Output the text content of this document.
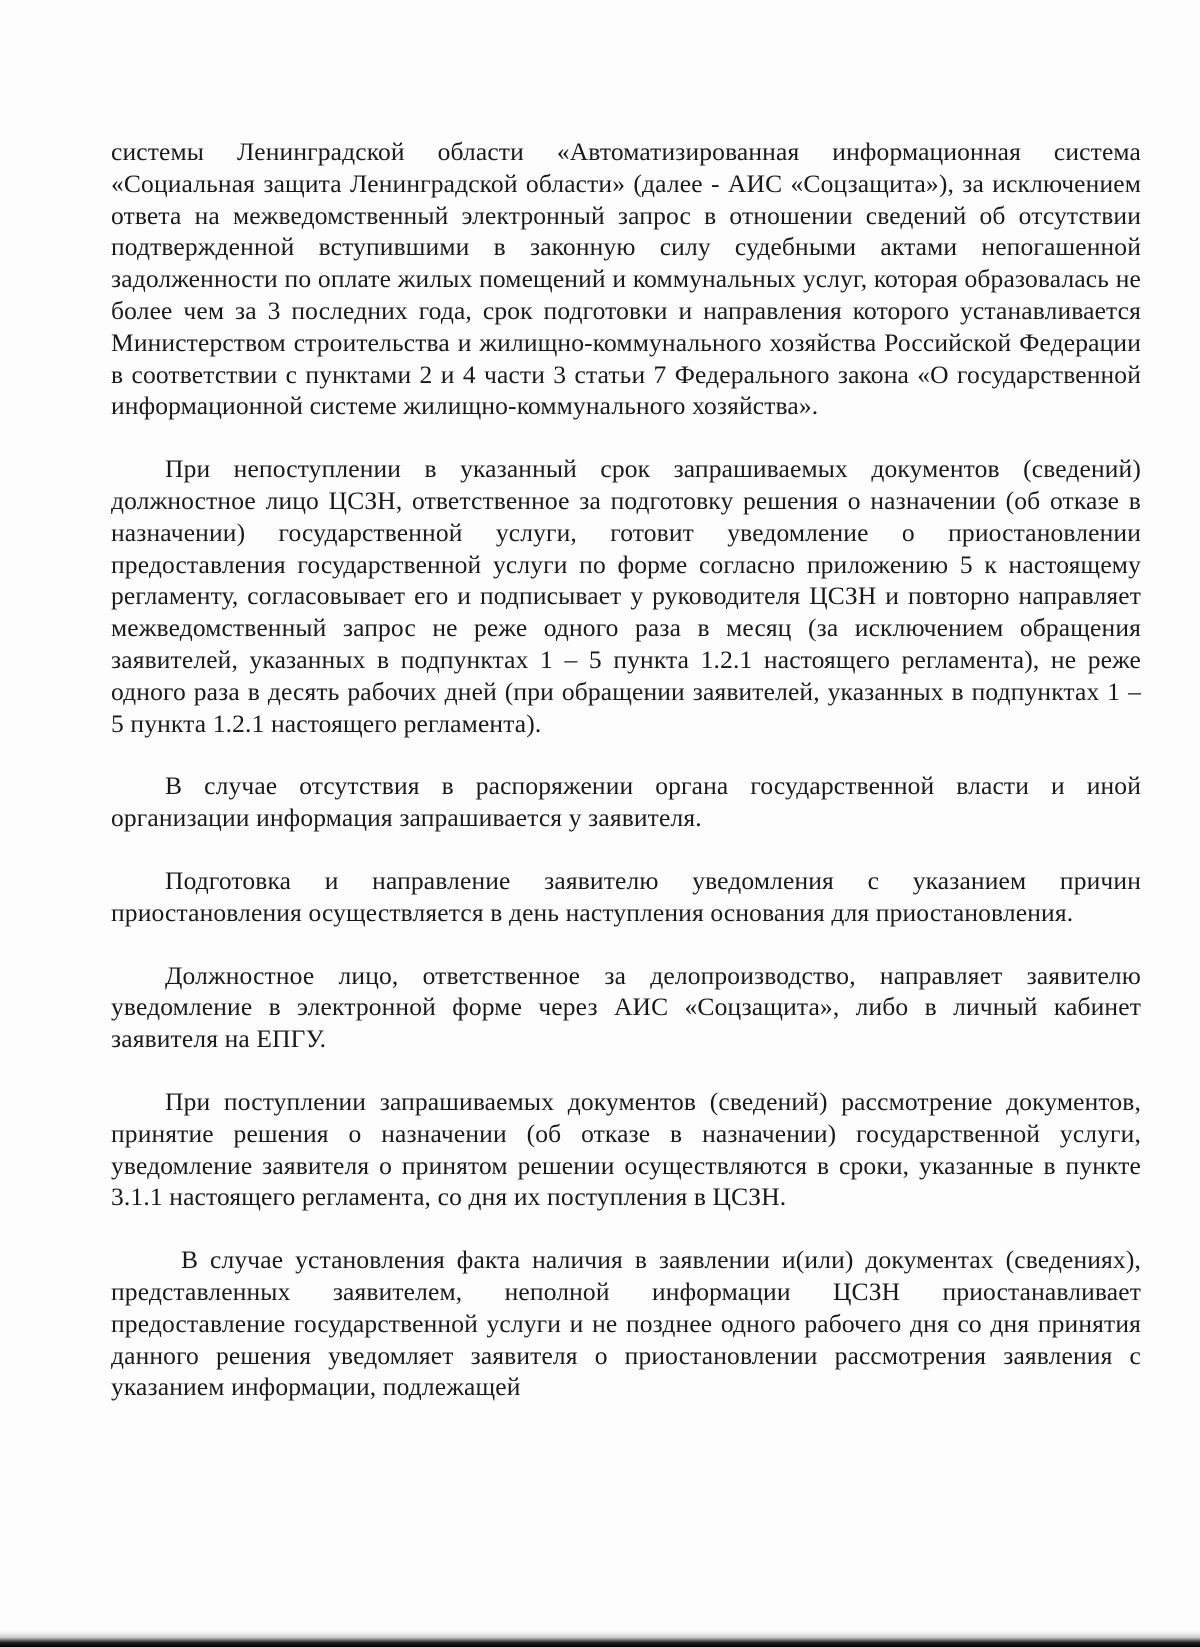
системы Ленинградской области «Автоматизированная информационная система «Социальная защита Ленинградской области» (далее - АИС «Соцзащита»), за исключением ответа на межведомственный электронный запрос в отношении сведений об отсутствии подтвержденной вступившими в законную силу судебными актами непогашенной задолженности по оплате жилых помещений и коммунальных услуг, которая образовалась не более чем за 3 последних года, срок подготовки и направления которого устанавливается Министерством строительства и жилищно-коммунального хозяйства Российской Федерации в соответствии с пунктами 2 и 4 части 3 статьи 7 Федерального закона «О государственной информационной системе жилищно-коммунального хозяйства».

При непоступлении в указанный срок запрашиваемых документов (сведений) должностное лицо ЦСЗН, ответственное за подготовку решения о назначении (об отказе в назначении) государственной услуги, готовит уведомление о приостановлении предоставления государственной услуги по форме согласно приложению 5 к настоящему регламенту, согласовывает его и подписывает у руководителя ЦСЗН и повторно направляет межведомственный запрос не реже одного раза в месяц (за исключением обращения заявителей, указанных в подпунктах 1 – 5 пункта 1.2.1 настоящего регламента), не реже одного раза в десять рабочих дней (при обращении заявителей, указанных в подпунктах 1 – 5 пункта 1.2.1 настоящего регламента).

В случае отсутствия в распоряжении органа государственной власти и иной организации информация запрашивается у заявителя.

Подготовка и направление заявителю уведомления с указанием причин приостановления осуществляется в день наступления основания для приостановления.

Должностное лицо, ответственное за делопроизводство, направляет заявителю уведомление в электронной форме через АИС «Соцзащита», либо в личный кабинет заявителя на ЕПГУ.

При поступлении запрашиваемых документов (сведений) рассмотрение документов, принятие решения о назначении (об отказе в назначении) государственной услуги, уведомление заявителя о принятом решении осуществляются в сроки, указанные в пункте 3.1.1 настоящего регламента, со дня их поступления в ЦСЗН.

В случае установления факта наличия в заявлении и(или) документах (сведениях), представленных заявителем, неполной информации ЦСЗН приостанавливает предоставление государственной услуги и не позднее одного рабочего дня со дня принятия данного решения уведомляет заявителя о приостановлении рассмотрения заявления с указанием информации, подлежащей
